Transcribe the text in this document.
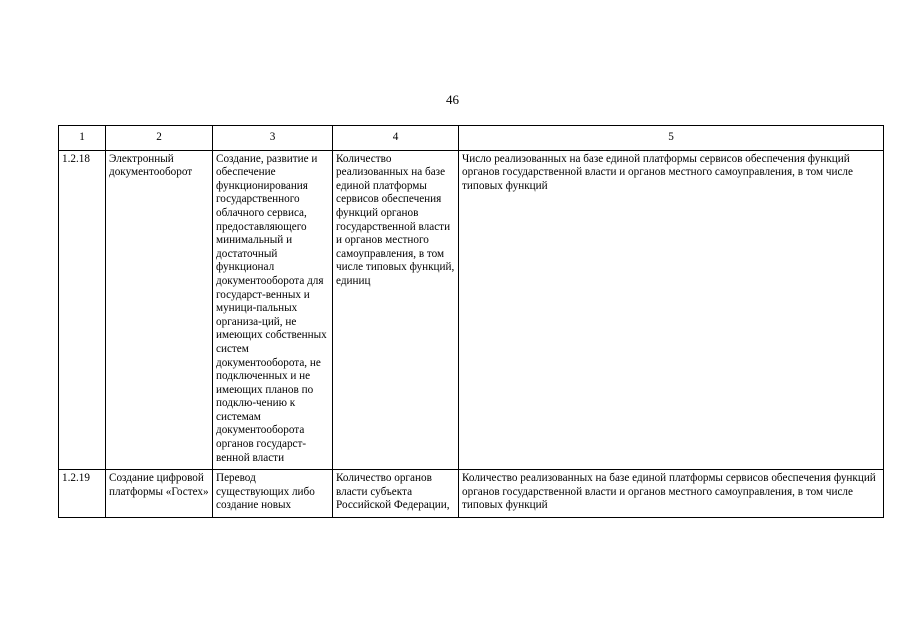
46
1	2	3	4	5
1.2.18	Электронный документооборот	Создание, развитие и обеспечение функционирования государственного облачного сервиса, предоставляющего минимальный и достаточный функционал документооборота для государст-венных и муници-пальных организа-ций, не имеющих собственных систем документооборота, не подключенных и не имеющих планов по подклю-чению к системам документооборота органов государст-венной власти	Количество реализованных на базе единой платформы сервисов обеспечения функций органов государственной власти и органов местного самоуправления, в том числе типовых функций, единиц	Число реализованных на базе единой платформы сервисов обеспечения функций органов государственной власти и органов местного самоуправления, в том числе типовых функций
1.2.19	Создание цифровой платформы «Гостех»	Перевод существующих либо создание новых	Количество органов власти субъекта Российской Федерации,	Количество реализованных на базе единой платформы сервисов обеспечения функций органов государственной власти и органов местного самоуправления, в том числе типовых функций
